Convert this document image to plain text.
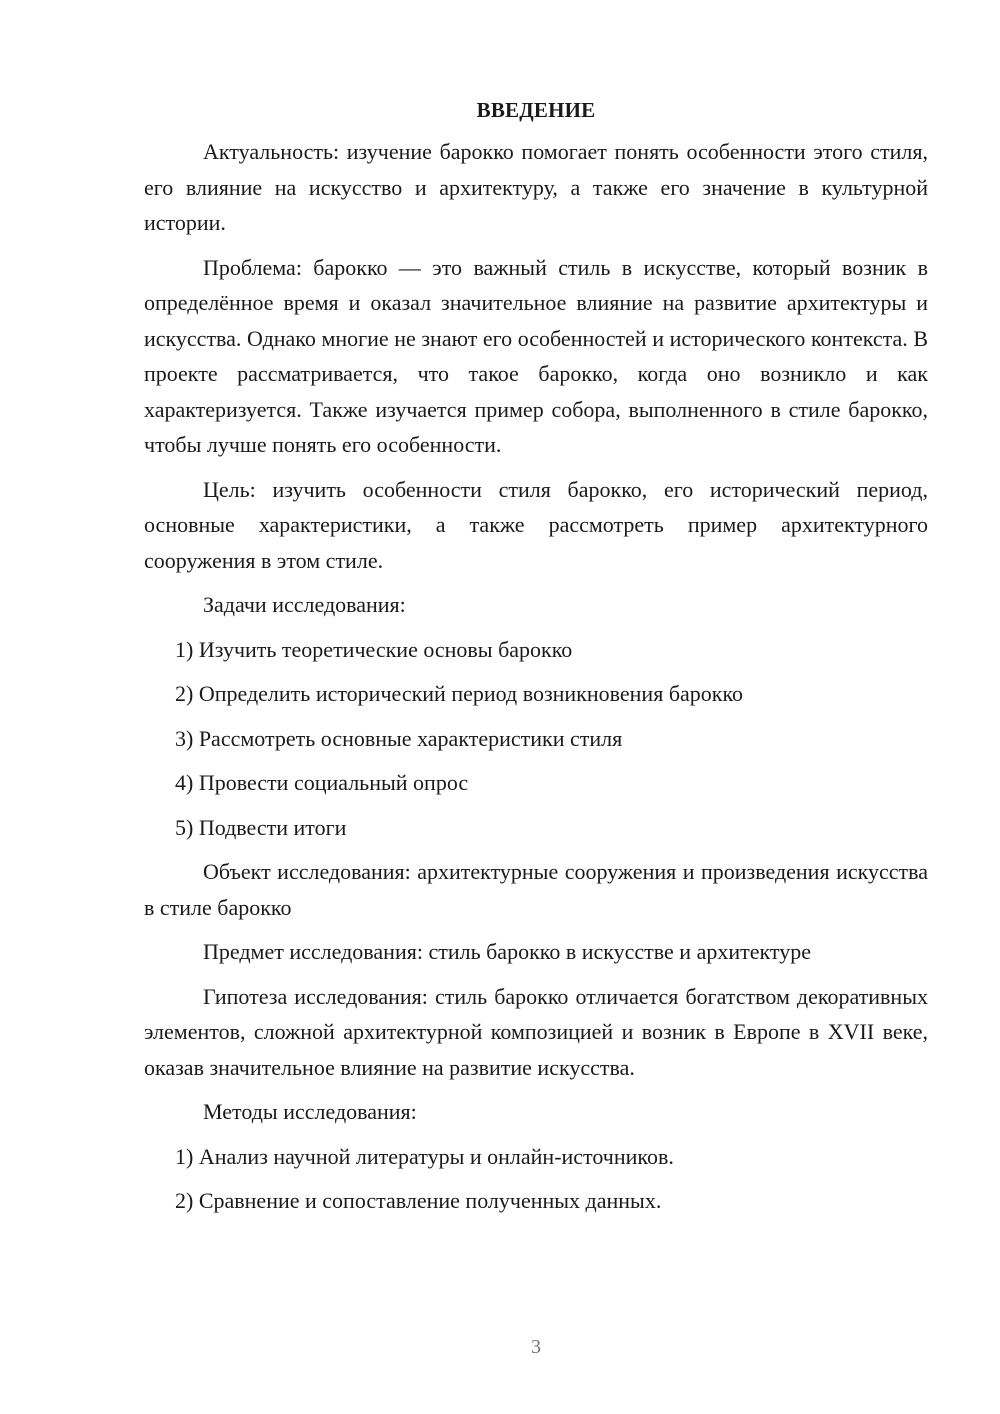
ВВЕДЕНИЕ

Актуальность: изучение барокко помогает понять особенности этого стиля, его влияние на искусство и архитектуру, а также его значение в культурной истории.

Проблема: барокко — это важный стиль в искусстве, который возник в определённое время и оказал значительное влияние на развитие архитектуры и искусства. Однако многие не знают его особенностей и исторического контекста. В проекте рассматривается, что такое барокко, когда оно возникло и как характеризуется. Также изучается пример собора, выполненного в стиле барокко, чтобы лучше понять его особенности.

Цель: изучить особенности стиля барокко, его исторический период, основные характеристики, а также рассмотреть пример архитектурного сооружения в этом стиле.

Задачи исследования:

1) Изучить теоретические основы барокко

2) Определить исторический период возникновения барокко

3) Рассмотреть основные характеристики стиля

4) Провести социальный опрос

5) Подвести итоги

Объект исследования: архитектурные сооружения и произведения искусства в стиле барокко

Предмет исследования: стиль барокко в искусстве и архитектуре

Гипотеза исследования: стиль барокко отличается богатством декоративных элементов, сложной архитектурной композицией и возник в Европе в XVII веке, оказав значительное влияние на развитие искусства.

Методы исследования:

1) Анализ научной литературы и онлайн-источников.

2) Сравнение и сопоставление полученных данных.

3
